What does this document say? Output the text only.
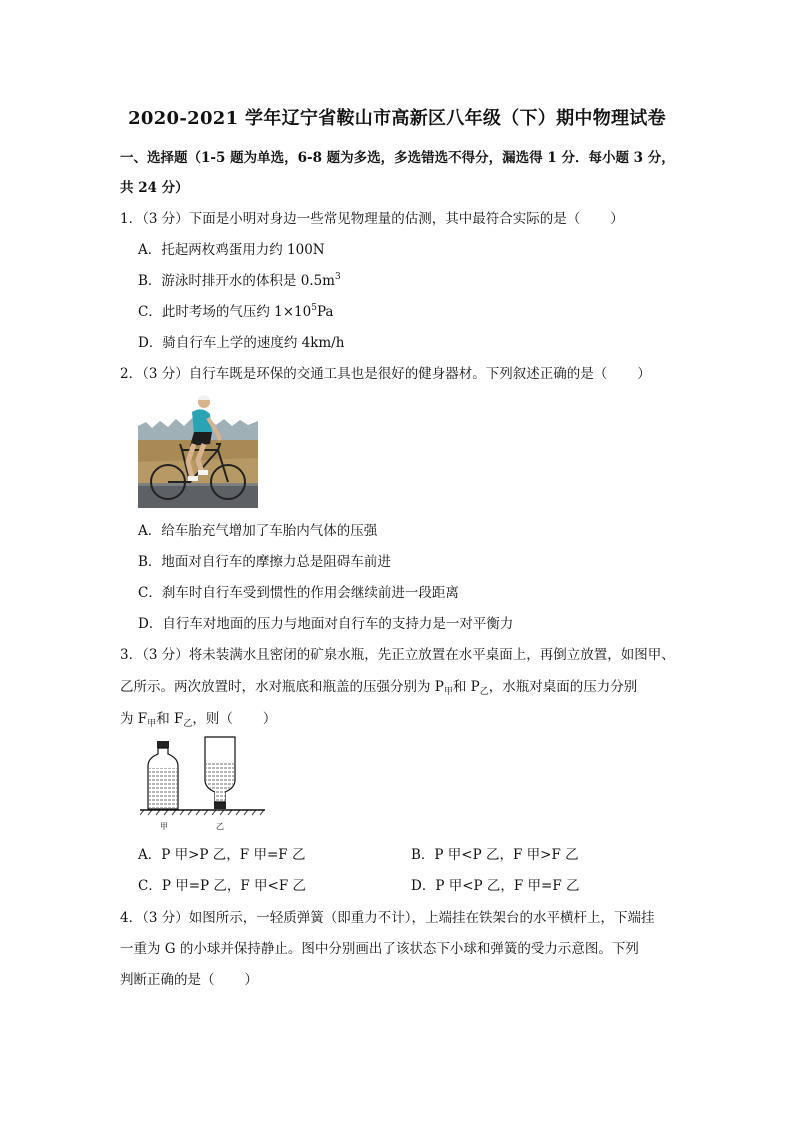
2020-2021 学年辽宁省鞍山市高新区八年级（下）期中物理试卷
一、选择题（1-5 题为单选，6-8 题为多选，多选错选不得分，漏选得 1 分．每小题 3 分，
共 24 分）
1．（3 分）下面是小明对身边一些常见物理量的估测，其中最符合实际的是（ ）
A．托起两枚鸡蛋用力约 100N
B．游泳时排开水的体积是 $0.5m^3$
C．此时考场的气压约 $1\times 10^5Pa$
D．骑自行车上学的速度约 4km/h
2．（3 分）自行车既是环保的交通工具也是很好的健身器材。下列叙述正确的是（ ）
A．给车胎充气增加了车胎内气体的压强
B．地面对自行车的摩擦力总是阻碍车前进
C．刹车时自行车受到惯性的作用会继续前进一段距离
D．自行车对地面的压力与地面对自行车的支持力是一对平衡力
3．（3 分）将未装满水且密闭的矿泉水瓶，先正立放置在水平桌面上，再倒立放置，如图甲、
乙所示。两次放置时，水对瓶底和瓶盖的压强分别为 $P_甲$和 $P_乙$，水瓶对桌面的压力分别
为 $F_甲$和 $F_乙$，则（ ）
甲	乙
A．P 甲>P 乙，F 甲=F 乙	B．P 甲<P 乙，F 甲>F 乙
C．P 甲=P 乙，F 甲<F 乙	D．P 甲<P 乙，F 甲=F 乙
4．（3 分）如图所示，一轻质弹簧（即重力不计），上端挂在铁架台的水平横杆上，下端挂
一重为 G 的小球并保持静止。图中分别画出了该状态下小球和弹簧的受力示意图。下列
判断正确的是（ ）
